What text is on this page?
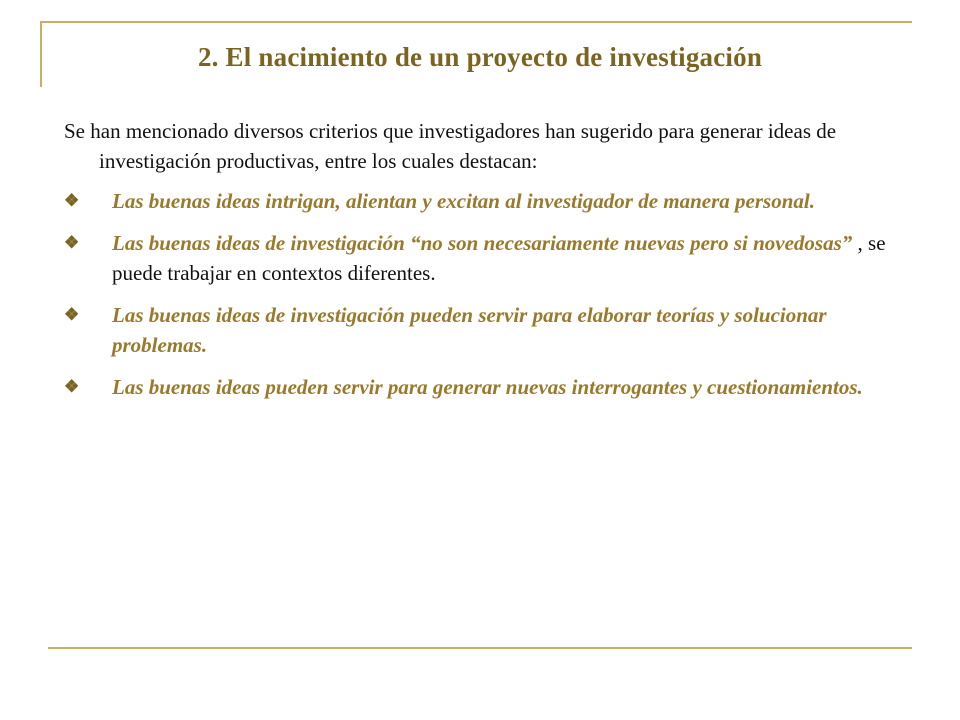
2. El nacimiento de un proyecto de investigación

Se han mencionado diversos criterios que investigadores han sugerido para generar ideas de investigación productivas, entre los cuales destacan:

❖ Las buenas ideas intrigan, alientan y excitan al investigador de manera personal.

❖ Las buenas ideas de investigación “no son necesariamente nuevas pero si novedosas” , se puede trabajar en contextos diferentes.

❖ Las buenas ideas de investigación pueden servir para elaborar teorías y solucionar problemas.

❖ Las buenas ideas pueden servir para generar nuevas interrogantes y cuestionamientos.
